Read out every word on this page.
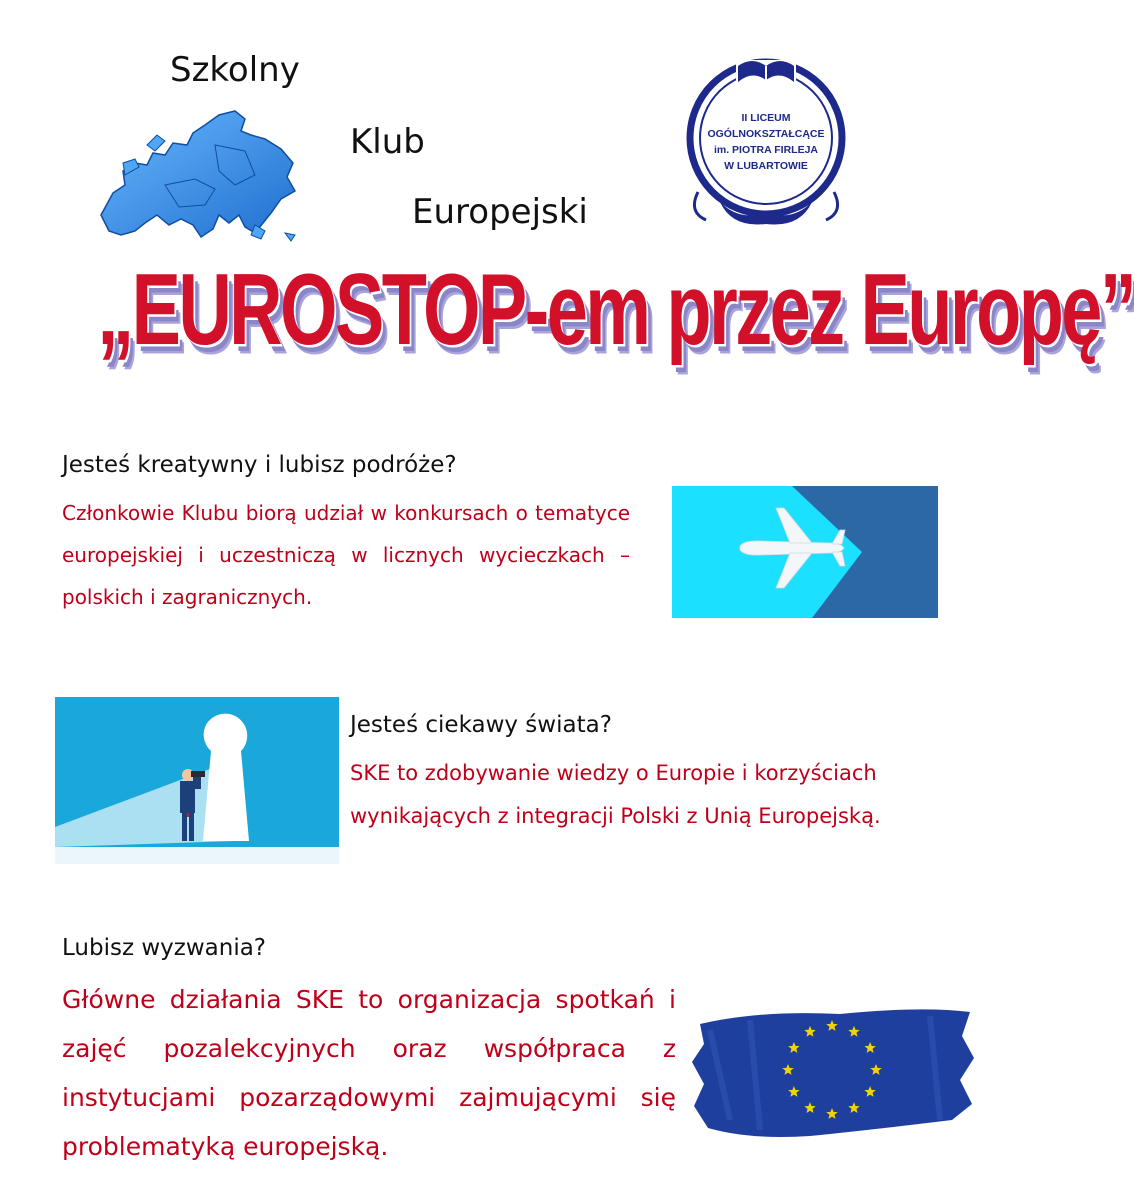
Szkolny
Klub
Europejski
II LICEUM
OGÓLNOKSZTAŁCĄCE
im. PIOTRA FIRLEJA
W LUBARTOWIE
„EUROSTOP-em przez Europę”
Jesteś kreatywny i lubisz podróże?
Członkowie Klubu biorą udział w konkursach o tematyce europejskiej i uczestniczą w licznych wycieczkach – polskich i zagranicznych.
Jesteś ciekawy świata?
SKE to zdobywanie wiedzy o Europie i korzyściach wynikających z integracji Polski z Unią Europejską.
Lubisz wyzwania?
Główne działania SKE to organizacja spotkań i zajęć pozalekcyjnych oraz współpraca z instytucjami pozarządowymi zajmującymi się problematyką europejską.
